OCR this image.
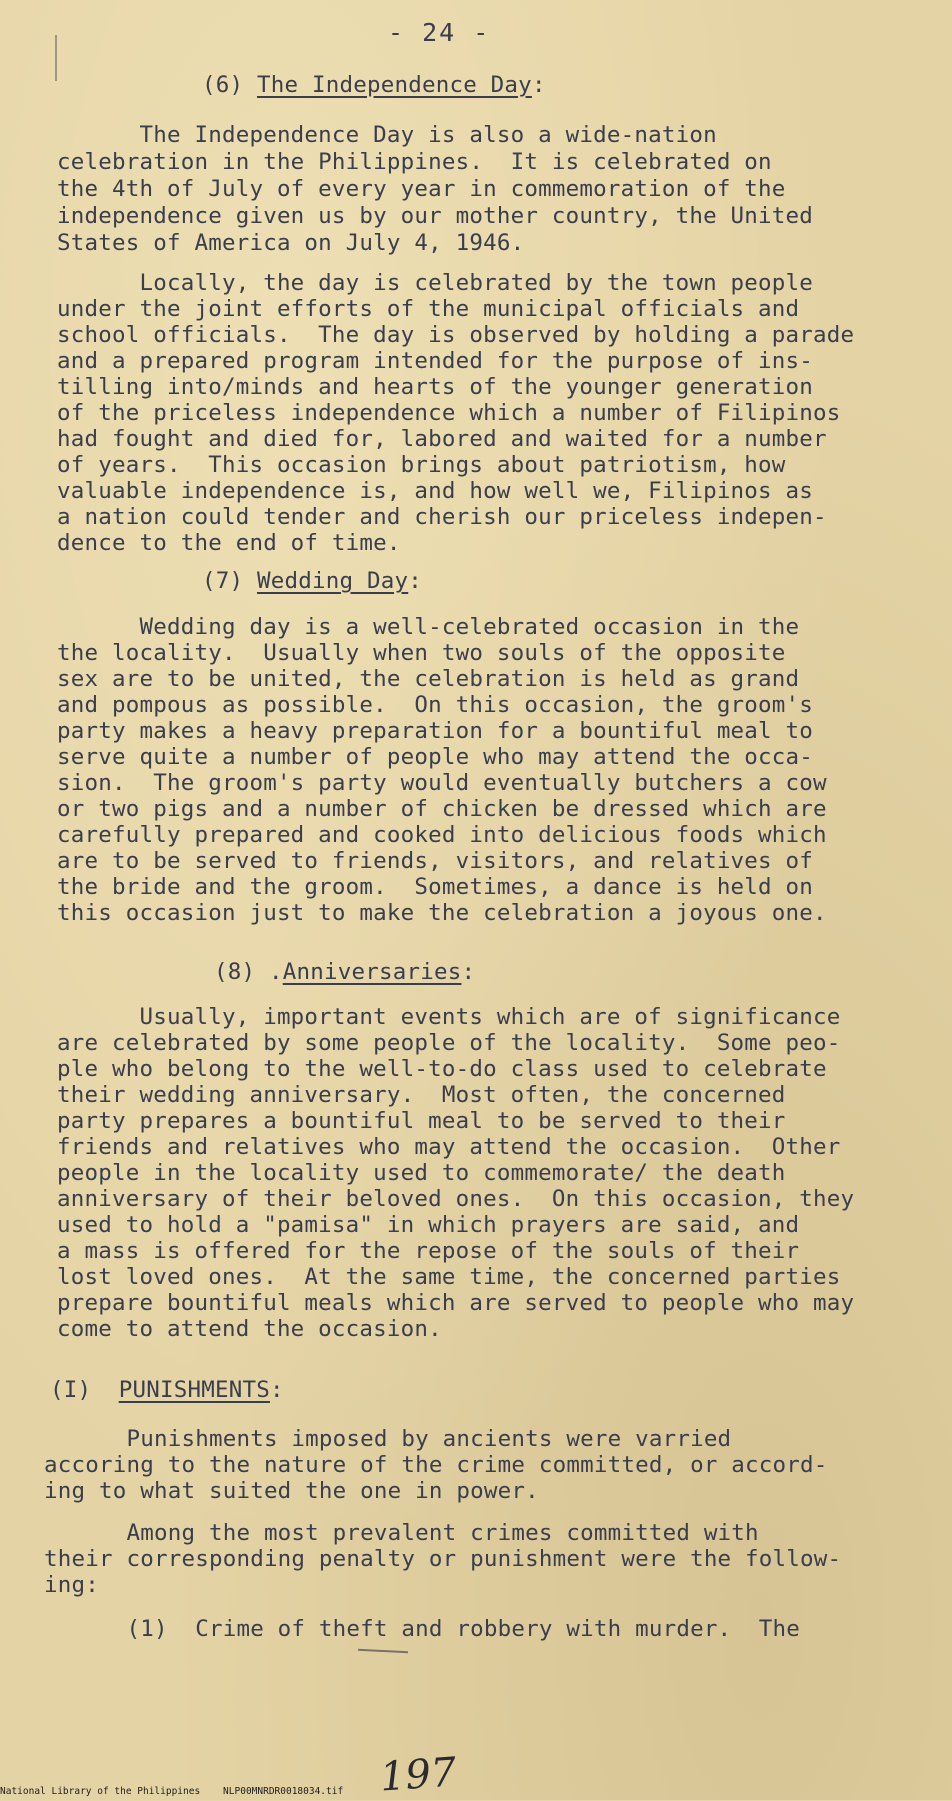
- 24 -
(6) The Independence Day:
The Independence Day is also a wide-nation
celebration in the Philippines.  It is celebrated on
the 4th of July of every year in commemoration of the
independence given us by our mother country, the United
States of America on July 4, 1946.
Locally, the day is celebrated by the town people
under the joint efforts of the municipal officials and
school officials.  The day is observed by holding a parade
and a prepared program intended for the purpose of ins-
tilling into/minds and hearts of the younger generation
of the priceless independence which a number of Filipinos
had fought and died for, labored and waited for a number
of years.  This occasion brings about patriotism, how
valuable independence is, and how well we, Filipinos as
a nation could tender and cherish our priceless indepen-
dence to the end of time.
(7) Wedding Day:
Wedding day is a well-celebrated occasion in the
the locality.  Usually when two souls of the opposite
sex are to be united, the celebration is held as grand
and pompous as possible.  On this occasion, the groom's
party makes a heavy preparation for a bountiful meal to
serve quite a number of people who may attend the occa-
sion.  The groom's party would eventually butchers a cow
or two pigs and a number of chicken be dressed which are
carefully prepared and cooked into delicious foods which
are to be served to friends, visitors, and relatives of
the bride and the groom.  Sometimes, a dance is held on
this occasion just to make the celebration a joyous one.
(8) .Anniversaries:
Usually, important events which are of significance
are celebrated by some people of the locality.  Some peo-
ple who belong to the well-to-do class used to celebrate
their wedding anniversary.  Most often, the concerned
party prepares a bountiful meal to be served to their
friends and relatives who may attend the occasion.  Other
people in the locality used to commemorate/ the death
anniversary of their beloved ones.  On this occasion, they
used to hold a "pamisa" in which prayers are said, and
a mass is offered for the repose of the souls of their
lost loved ones.  At the same time, the concerned parties
prepare bountiful meals which are served to people who may
come to attend the occasion.
(I)  PUNISHMENTS:
Punishments imposed by ancients were varried
accoring to the nature of the crime committed, or accord-
ing to what suited the one in power.
Among the most prevalent crimes committed with
their corresponding penalty or punishment were the follow-
ing:
(1)  Crime of theft and robbery with murder.  The
197
National Library of the Philippines    NLP00MNRDR0018034.tif
